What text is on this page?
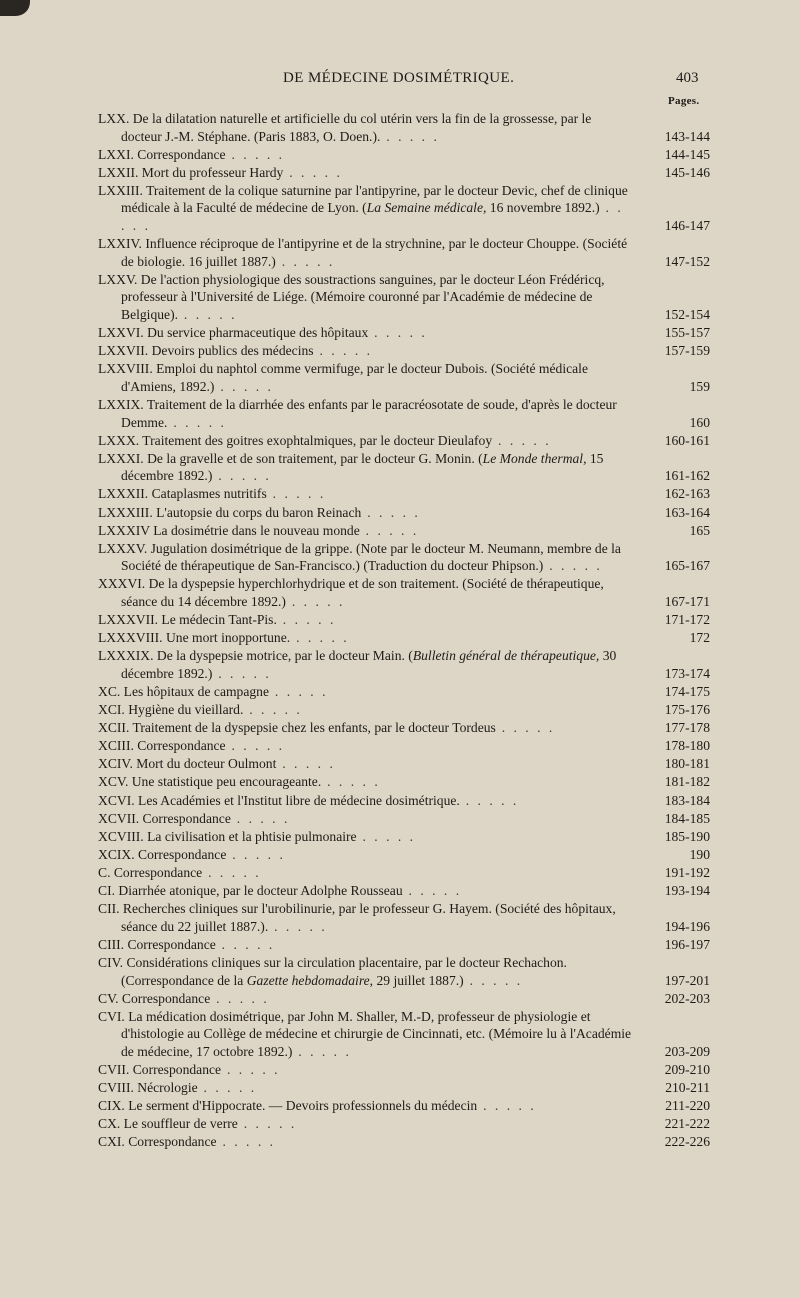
DE MÉDECINE DOSIMÉTRIQUE.	403
Pages.
LXX. De la dilatation naturelle et artificielle du col utérin vers la fin de la grossesse, par le docteur J.-M. Stéphane. (Paris 1883, O. Doen.). . . . . .	143-144
LXXI. Correspondance . . . . .	144-145
LXXII. Mort du professeur Hardy . . . . .	145-146
LXXIII. Traitement de la colique saturnine par l'antipyrine, par le docteur Devic, chef de clinique médicale à la Faculté de médecine de Lyon. (La Semaine médicale, 16 novembre 1892.) . . . . .	146-147
LXXIV. Influence réciproque de l'antipyrine et de la strychnine, par le docteur Chouppe. (Société de biologie. 16 juillet 1887.) . . . . .	147-152
LXXV. De l'action physiologique des soustractions sanguines, par le docteur Léon Frédéricq, professeur à l'Université de Liége. (Mémoire couronné par l'Académie de médecine de Belgique). . . . . .	152-154
LXXVI. Du service pharmaceutique des hôpitaux . . . . .	155-157
LXXVII. Devoirs publics des médecins . . . . .	157-159
LXXVIII. Emploi du naphtol comme vermifuge, par le docteur Dubois. (Société médicale d'Amiens, 1892.) . . . . .	159
LXXIX. Traitement de la diarrhée des enfants par le paracréosotate de soude, d'après le docteur Demme. . . . . .	160
LXXX. Traitement des goitres exophtalmiques, par le docteur Dieulafoy . . . . .	160-161
LXXXI. De la gravelle et de son traitement, par le docteur G. Monin. (Le Monde thermal, 15 décembre 1892.) . . . . .	161-162
LXXXII. Cataplasmes nutritifs . . . . .	162-163
LXXXIII. L'autopsie du corps du baron Reinach . . . . .	163-164
LXXXIV La dosimétrie dans le nouveau monde . . . . .	165
LXXXV. Jugulation dosimétrique de la grippe. (Note par le docteur M. Neumann, membre de la Société de thérapeutique de San-Francisco.) (Traduction du docteur Phipson.) . . . . .	165-167
XXXVI. De la dyspepsie hyperchlorhydrique et de son traitement. (Société de thérapeutique, séance du 14 décembre 1892.) . . . . .	167-171
LXXXVII. Le médecin Tant-Pis. . . . . .	171-172
LXXXVIII. Une mort inopportune. . . . . .	172
LXXXIX. De la dyspepsie motrice, par le docteur Main. (Bulletin général de thérapeutique, 30 décembre 1892.) . . . . .	173-174
XC. Les hôpitaux de campagne . . . . .	174-175
XCI. Hygiène du vieillard. . . . . .	175-176
XCII. Traitement de la dyspepsie chez les enfants, par le docteur Tordeus . . . . .	177-178
XCIII. Correspondance . . . . .	178-180
XCIV. Mort du docteur Oulmont . . . . .	180-181
XCV. Une statistique peu encourageante. . . . . .	181-182
XCVI. Les Académies et l'Institut libre de médecine dosimétrique. . . . . .	183-184
XCVII. Correspondance . . . . .	184-185
XCVIII. La civilisation et la phtisie pulmonaire . . . . .	185-190
XCIX. Correspondance . . . . .	190
C. Correspondance . . . . .	191-192
CI. Diarrhée atonique, par le docteur Adolphe Rousseau . . . . .	193-194
CII. Recherches cliniques sur l'urobilinurie, par le professeur G. Hayem. (Société des hôpitaux, séance du 22 juillet 1887.). . . . . .	194-196
CIII. Correspondance . . . . .	196-197
CIV. Considérations cliniques sur la circulation placentaire, par le docteur Rechachon. (Correspondance de la Gazette hebdomadaire, 29 juillet 1887.) . . . . .	197-201
CV. Correspondance . . . . .	202-203
CVI. La médication dosimétrique, par John M. Shaller, M.-D, professeur de physiologie et d'histologie au Collège de médecine et chirurgie de Cincinnati, etc. (Mémoire lu à l'Académie de médecine, 17 octobre 1892.) . . . . .	203-209
CVII. Correspondance . . . . .	209-210
CVIII. Nécrologie . . . . .	210-211
CIX. Le serment d'Hippocrate. — Devoirs professionnels du médecin . . . . .	211-220
CX. Le souffleur de verre . . . . .	221-222
CXI. Correspondance . . . . .	222-226
